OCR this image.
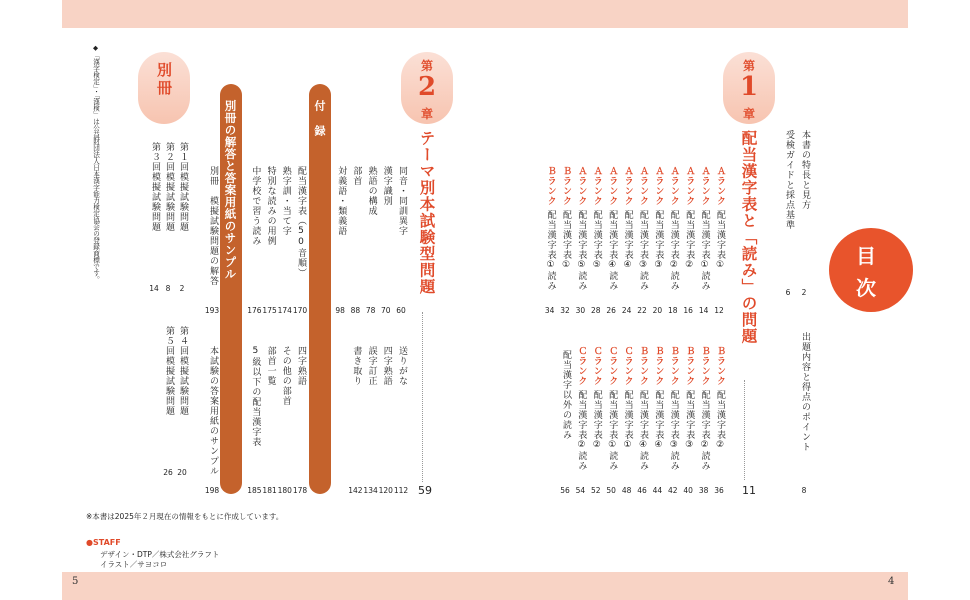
5	4
目
次
本書の特長と見方
2
受検ガイドと採点基準
6
出題内容と得点のポイント
8
第
1
章
配当漢字表と「読み」の問題
11
Ａランク
配当漢字表①
12
Ａランク
配当漢字表①読み
14
Ａランク
配当漢字表②
16
Ａランク
配当漢字表②読み
18
Ａランク
配当漢字表③
20
Ａランク
配当漢字表③読み
22
Ａランク
配当漢字表④
24
Ａランク
配当漢字表④読み
26
Ａランク
配当漢字表⑤
28
Ａランク
配当漢字表⑤読み
30
Ｂランク
配当漢字表①
32
Ｂランク
配当漢字表①読み
34
Ｂランク
配当漢字表②
36
Ｂランク
配当漢字表②読み
38
Ｂランク
配当漢字表③
40
Ｂランク
配当漢字表③読み
42
Ｂランク
配当漢字表④
44
Ｂランク
配当漢字表④読み
46
Ｃランク
配当漢字表①
48
Ｃランク
配当漢字表①読み
50
Ｃランク
配当漢字表②
52
Ｃランク
配当漢字表②読み
54
配当漢字以外の読み
56
第
2
章
テーマ別本試験型問題
59
同音・同訓異字
60
漢字識別
70
熟語の構成
78
部首
88
対義語・類義語
98
送りがな
112
四字熟語
120
誤字訂正
134
書き取り
142
付録
配当漢字表（50音順）
170
熟字訓・当て字
174
特別な読みの用例
175
中学校で習う読み
176
四字熟語
178
その他の部首
180
部首一覧
181
5級以下の配当漢字表
185
別冊の解答と答案用紙のサンプル
別冊　模擬試験問題の解答
193
本試験の答案用紙のサンプル
198
別冊
第１回模擬試験問題
2
第２回模擬試験問題
8
第３回模擬試験問題
14
第４回模擬試験問題
20
第５回模擬試験問題
26
◆「漢字検定」・「漢検」は公益財団法人日本漢字能力検定協会の登録商標です。
※本書は2025年２月現在の情報をもとに作成しています。
●STAFF
デザイン・DTP／株式会社グラフト
イラスト／サヨコロ
